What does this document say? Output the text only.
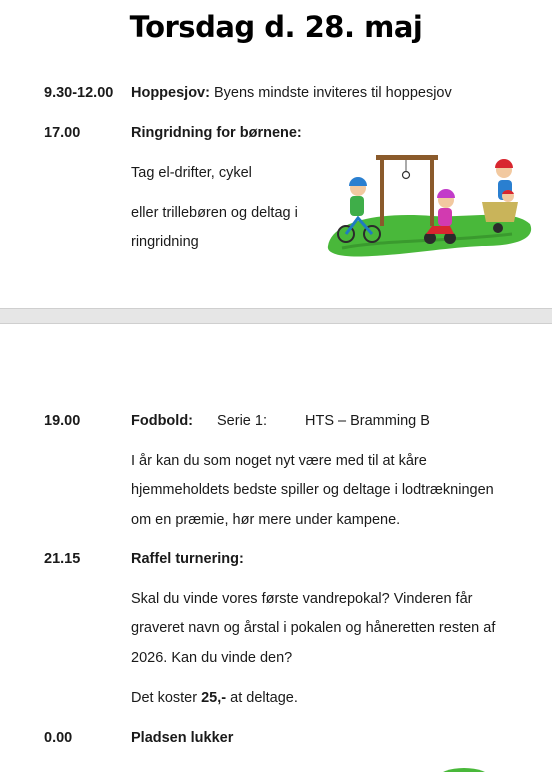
Torsdag d. 28. maj
9.30-12.00 Hoppesjov: Byens mindste inviteres til hoppesjov
17.00	Ringridning for børnene:
Tag el-drifter, cykel
eller trillebøren og deltag i
ringridning
19.00	Fodbold: Serie 1:	HTS – Bramming B
I år kan du som noget nyt være med til at kåre
hjemmeholdets bedste spiller og deltage i lodtrækningen
om en præmie, hør mere under kampene.
21.15	Raffel turnering:
Skal du vinde vores første vandrepokal? Vinderen får
graveret navn og årstal i pokalen og håneretten resten af
2026. Kan du vinde den?
Det koster 25,- at deltage.
0.00	Pladsen lukker
